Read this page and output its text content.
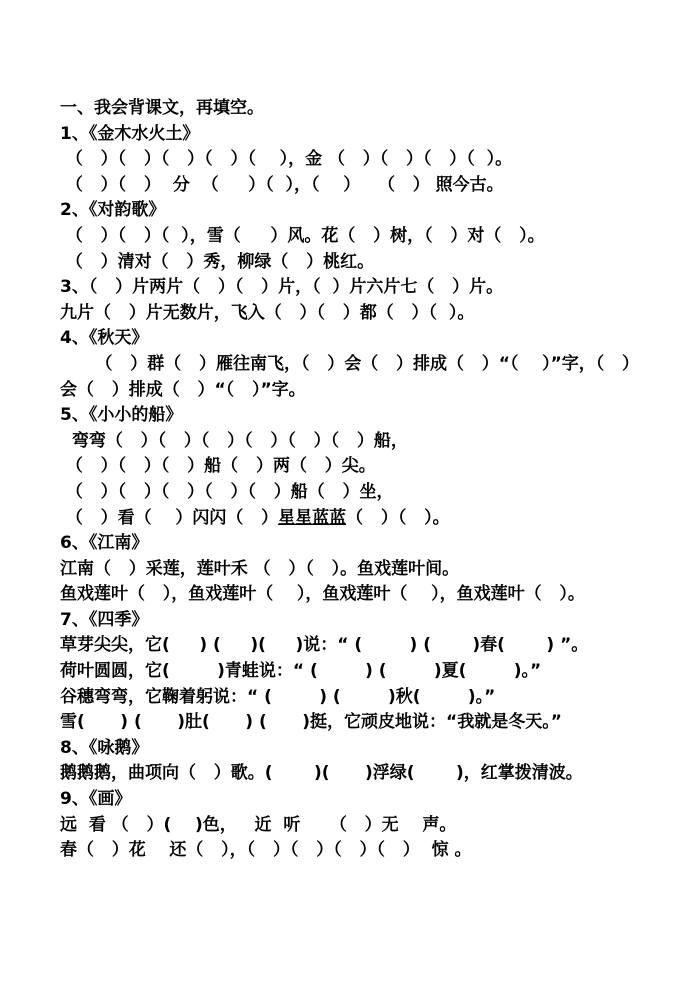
一、我会背课文，再填空。
1、《金木水火土》
（   ）（   ）（   ）（   ）（    ），金 （   ）（   ）（   ）（  ）。
（   ）（   ）  分  （     ）（  ），（    ）   （   ） 照今古。
2、《对韵歌》
（   ）（   ）（  ），雪（     ）风。花（   ）树，（   ）对（   ）。
（   ）清对（   ）秀，柳绿（   ）桃红。
3、（   ）片两片（   ）（   ）片，（  ）片六片七（   ）片。
九片（   ）片无数片，飞入（   ）（   ）都（   ）（  ）。
4、《秋天》
（   ）群（   ）雁往南飞，（   ）会（   ）排成（   ）“（    ）”字，（   ）
会（   ）排成（   ）“（   ）”字。
5、《小小的船》
弯弯（   ）（   ）（   ）（   ）（   ）（   ）船，
（   ）（   ）（   ）船（   ）两（   ）尖。
（   ）（   ）（   ）（   ）（   ）船（   ）坐，
（   ）看（    ）闪闪（   ）星星蓝蓝（   ）（   ）。
6、《江南》
江南（   ）采莲，莲叶禾 （   ）（   ）。鱼戏莲叶间。
鱼戏莲叶（   ），鱼戏莲叶（    ），鱼戏莲叶（    ），鱼戏莲叶（   ）。
7、《四季》
草芽尖尖，它(     ) (     )(     )说：“ (        ) (       )春(       ) ”。
荷叶圆圆，它(        )青蛙说：“ (        ) (        )夏(        )。”
谷穗弯弯，它鞠着躬说：“ (        ) (        )秋(        )。”
雪(      ) (      )肚(      ) (      )挺，它顽皮地说：“我就是冬天。”
8、《咏鹅》
鹅鹅鹅，曲项向（   ）歌。(       )(      )浮绿(       )，红掌拨清波。
9、《画》
远  看 （   ）(    )色，   近  听     （   ）无    声。
春（   ）花    还（   ），（   ）（   ）（   ）（   ）  惊 。
